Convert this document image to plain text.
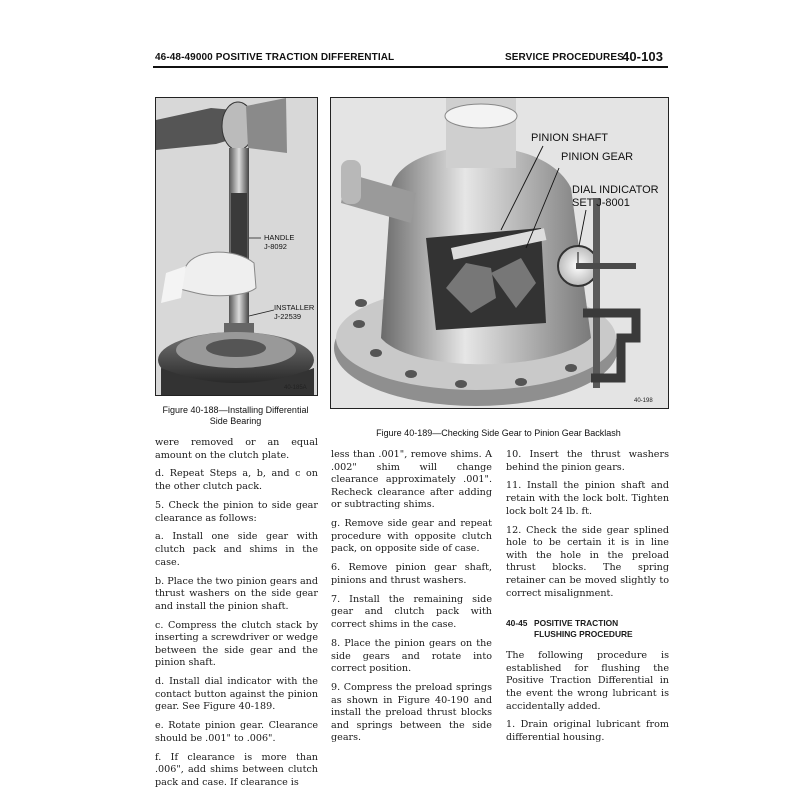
46-48-49000 POSITIVE TRACTION DIFFERENTIAL	SERVICE PROCEDURES
40-103
HANDLE
J-8092
INSTALLER
J-22539
40-185A
Figure 40-188—Installing Differential
Side Bearing
PINION SHAFT
PINION GEAR
DIAL INDICATOR
SET J-8001
40-198
Figure 40-189—Checking Side Gear to Pinion Gear Backlash

were removed or an equal amount on the clutch plate.

d. Repeat Steps a, b, and c on the other clutch pack.

5. Check the pinion to side gear clearance as follows:

a. Install one side gear with clutch pack and shims in the case.

b. Place the two pinion gears and thrust washers on the side gear and install the pinion shaft.

c. Compress the clutch stack by inserting a screwdriver or wedge between the side gear and the pinion shaft.

d. Install dial indicator with the contact button against the pinion gear. See Figure 40-189.

e. Rotate pinion gear. Clearance should be .001" to .006".

f. If clearance is more than .006", add shims between clutch pack and case. If clearance is

less than .001", remove shims. A .002" shim will change clearance approximately .001". Recheck clearance after adding or subtracting shims.

g. Remove side gear and repeat procedure with opposite clutch pack, on opposite side of case.

6. Remove pinion gear shaft, pinions and thrust washers.

7. Install the remaining side gear and clutch pack with correct shims in the case.

8. Place the pinion gears on the side gears and rotate into correct position.

9. Compress the preload springs as shown in Figure 40-190 and install the preload thrust blocks and springs between the side gears.

10. Insert the thrust washers behind the pinion gears.

11. Install the pinion shaft and retain with the lock bolt. Tighten lock bolt 24 lb. ft.

12. Check the side gear splined hole to be certain it is in line with the hole in the preload thrust blocks. The spring retainer can be moved slightly to correct misalignment.

40-45 POSITIVE TRACTION
FLUSHING PROCEDURE

The following procedure is established for flushing the Positive Traction Differential in the event the wrong lubricant is accidentally added.

1. Drain original lubricant from differential housing.
